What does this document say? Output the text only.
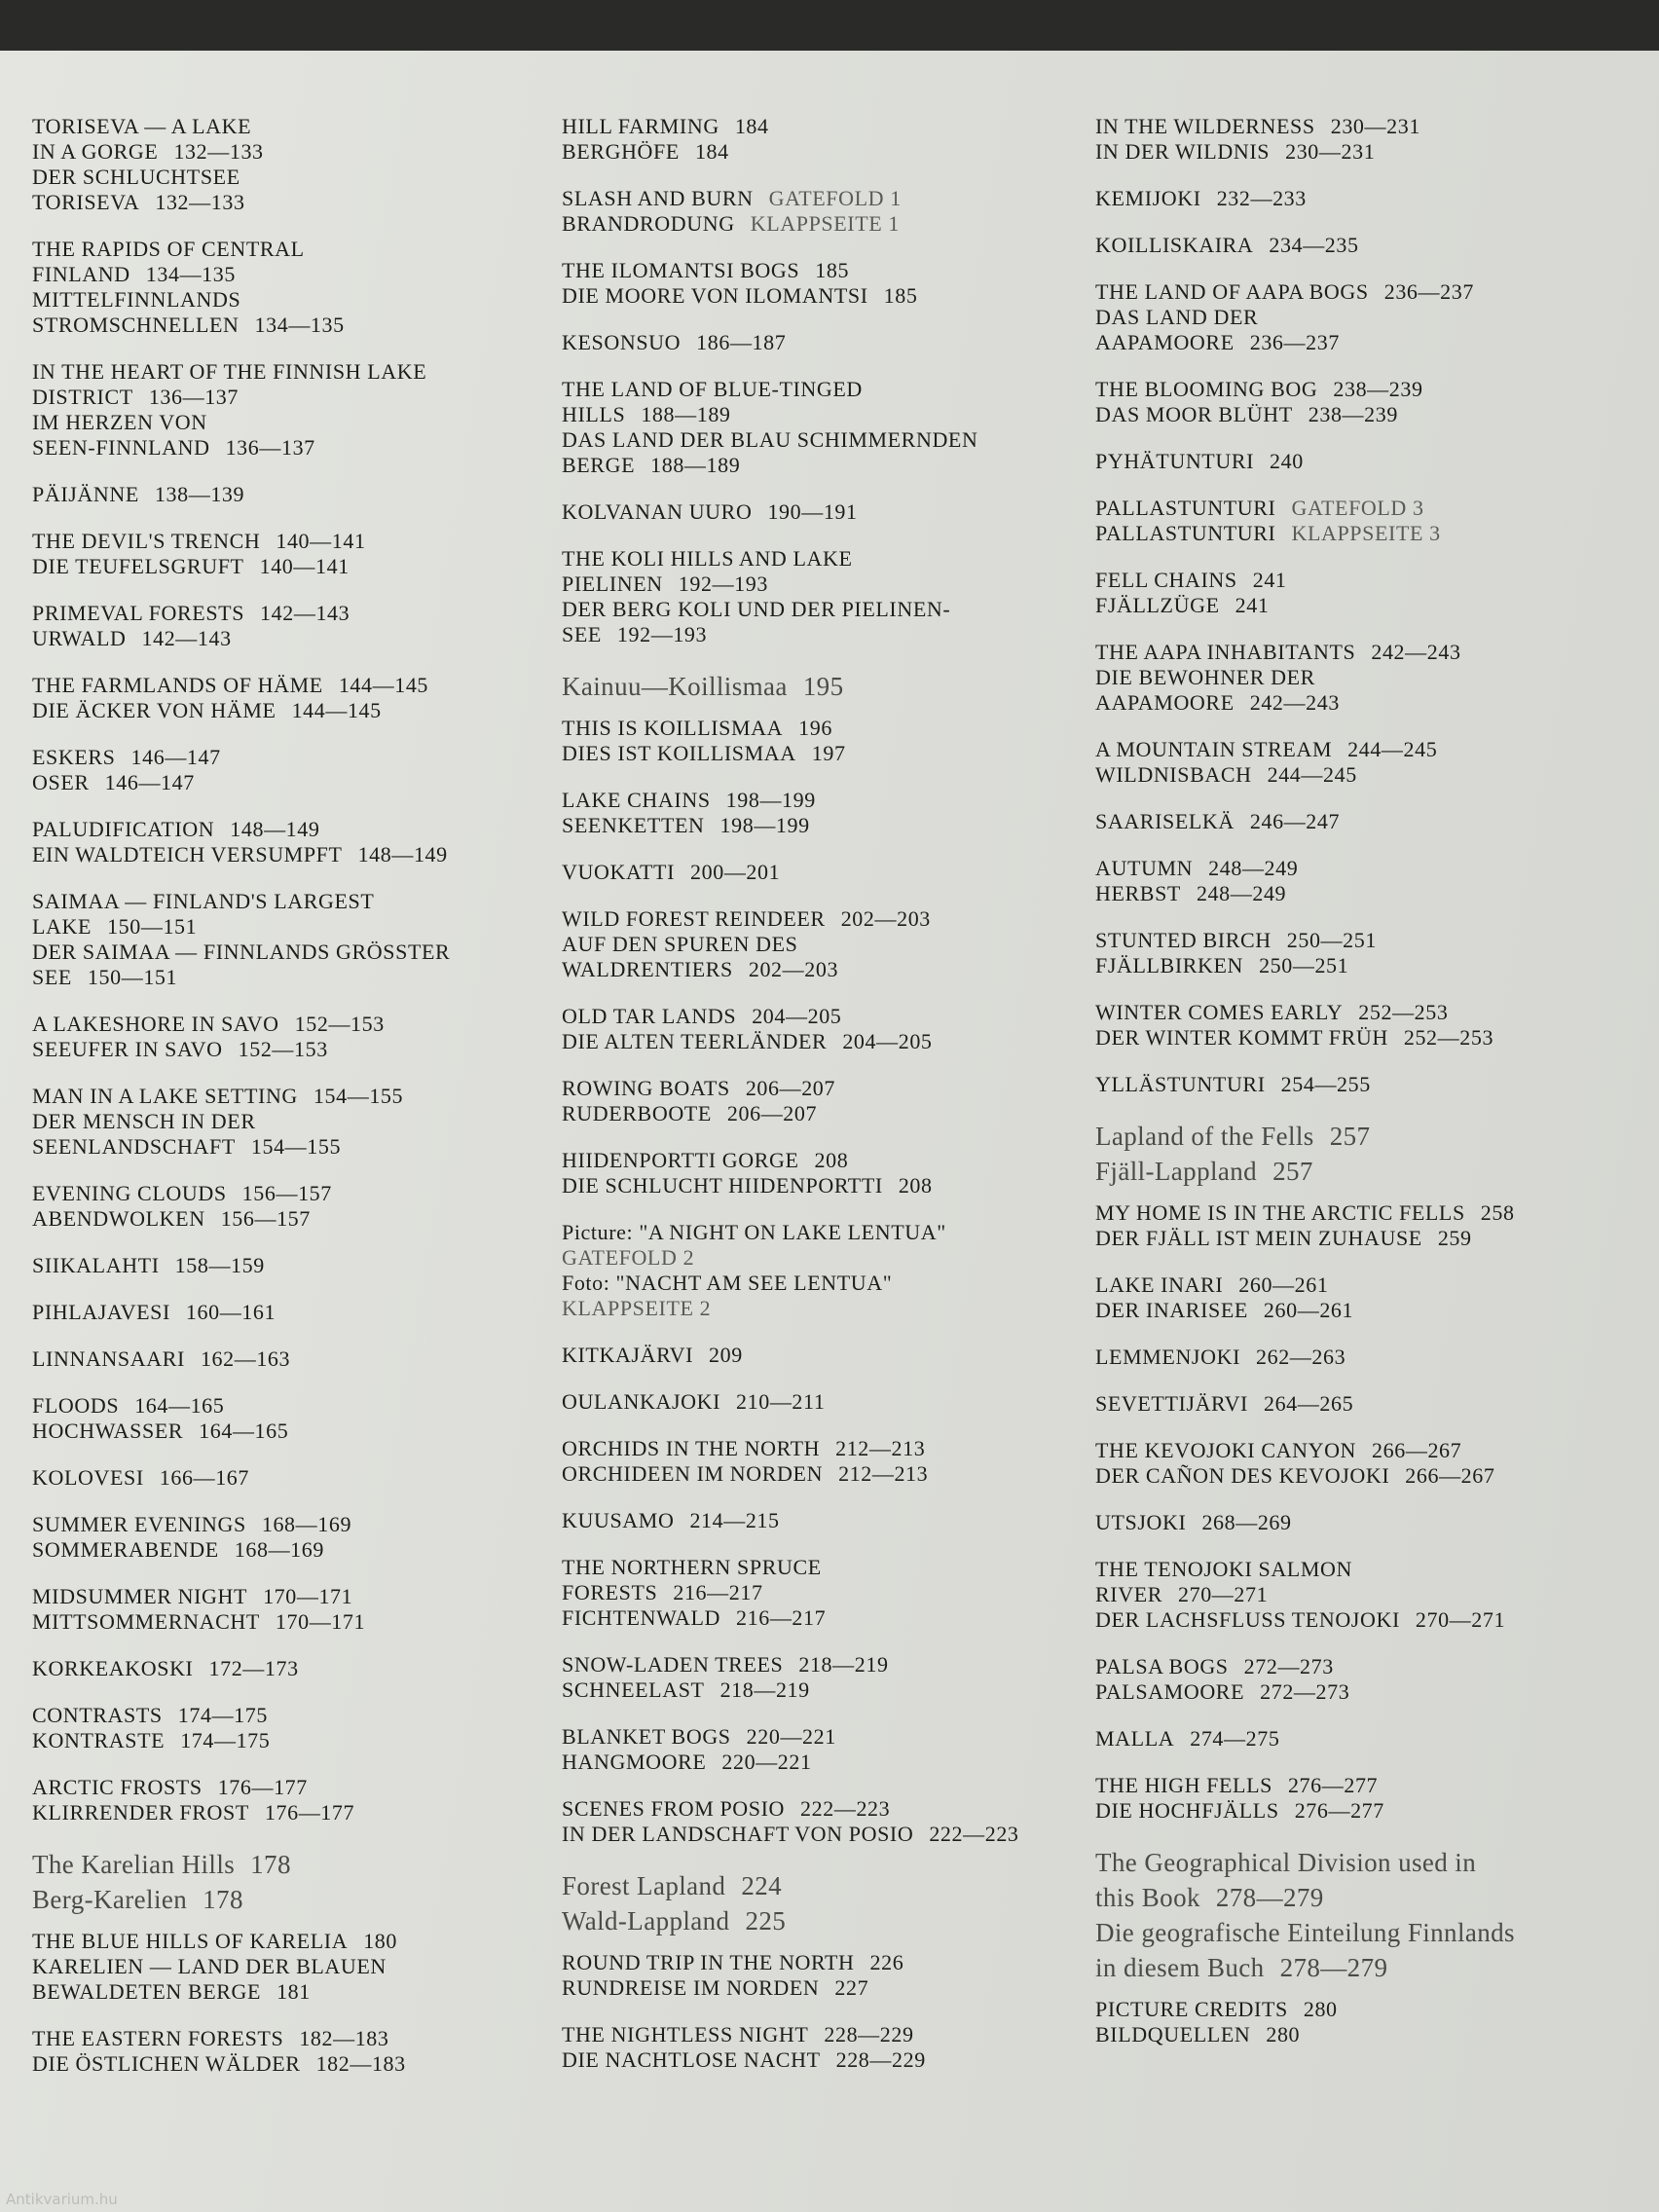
TORISEVA — A LAKE
IN A GORGE 132—133
DER SCHLUCHTSEE
TORISEVA 132—133
THE RAPIDS OF CENTRAL
FINLAND 134—135
MITTELFINNLANDS
STROMSCHNELLEN 134—135
IN THE HEART OF THE FINNISH LAKE
DISTRICT 136—137
IM HERZEN VON
SEEN-FINNLAND 136—137
PÄIJÄNNE 138—139
THE DEVIL'S TRENCH 140—141
DIE TEUFELSGRUFT 140—141
PRIMEVAL FORESTS 142—143
URWALD 142—143
THE FARMLANDS OF HÄME 144—145
DIE ÄCKER VON HÄME 144—145
ESKERS 146—147
OSER 146—147
PALUDIFICATION 148—149
EIN WALDTEICH VERSUMPFT 148—149
SAIMAA — FINLAND'S LARGEST
LAKE 150—151
DER SAIMAA — FINNLANDS GRÖSSTER
SEE 150—151
A LAKESHORE IN SAVO 152—153
SEEUFER IN SAVO 152—153
MAN IN A LAKE SETTING 154—155
DER MENSCH IN DER
SEENLANDSCHAFT 154—155
EVENING CLOUDS 156—157
ABENDWOLKEN 156—157
SIIKALAHTI 158—159
PIHLAJAVESI 160—161
LINNANSAARI 162—163
FLOODS 164—165
HOCHWASSER 164—165
KOLOVESI 166—167
SUMMER EVENINGS 168—169
SOMMERABENDE 168—169
MIDSUMMER NIGHT 170—171
MITTSOMMERNACHT 170—171
KORKEAKOSKI 172—173
CONTRASTS 174—175
KONTRASTE 174—175
ARCTIC FROSTS 176—177
KLIRRENDER FROST 176—177
The Karelian Hills 178
Berg-Karelien 178
THE BLUE HILLS OF KARELIA 180
KARELIEN — LAND DER BLAUEN
BEWALDETEN BERGE 181
THE EASTERN FORESTS 182—183
DIE ÖSTLICHEN WÄLDER 182—183
HILL FARMING 184
BERGHÖFE 184
SLASH AND BURN GATEFOLD 1
BRANDRODUNG KLAPPSEITE 1
THE ILOMANTSI BOGS 185
DIE MOORE VON ILOMANTSI 185
KESONSUO 186—187
THE LAND OF BLUE-TINGED
HILLS 188—189
DAS LAND DER BLAU SCHIMMERNDEN
BERGE 188—189
KOLVANAN UURO 190—191
THE KOLI HILLS AND LAKE
PIELINEN 192—193
DER BERG KOLI UND DER PIELINEN-
SEE 192—193
Kainuu—Koillismaa 195
THIS IS KOILLISMAA 196
DIES IST KOILLISMAA 197
LAKE CHAINS 198—199
SEENKETTEN 198—199
VUOKATTI 200—201
WILD FOREST REINDEER 202—203
AUF DEN SPUREN DES
WALDRENTIERS 202—203
OLD TAR LANDS 204—205
DIE ALTEN TEERLÄNDER 204—205
ROWING BOATS 206—207
RUDERBOOTE 206—207
HIIDENPORTTI GORGE 208
DIE SCHLUCHT HIIDENPORTTI 208
Picture: "A NIGHT ON LAKE LENTUA"
GATEFOLD 2
Foto: "NACHT AM SEE LENTUA"
KLAPPSEITE 2
KITKAJÄRVI 209
OULANKAJOKI 210—211
ORCHIDS IN THE NORTH 212—213
ORCHIDEEN IM NORDEN 212—213
KUUSAMO 214—215
THE NORTHERN SPRUCE
FORESTS 216—217
FICHTENWALD 216—217
SNOW-LADEN TREES 218—219
SCHNEELAST 218—219
BLANKET BOGS 220—221
HANGMOORE 220—221
SCENES FROM POSIO 222—223
IN DER LANDSCHAFT VON POSIO 222—223
Forest Lapland 224
Wald-Lappland 225
ROUND TRIP IN THE NORTH 226
RUNDREISE IM NORDEN 227
THE NIGHTLESS NIGHT 228—229
DIE NACHTLOSE NACHT 228—229
IN THE WILDERNESS 230—231
IN DER WILDNIS 230—231
KEMIJOKI 232—233
KOILLISKAIRA 234—235
THE LAND OF AAPA BOGS 236—237
DAS LAND DER
AAPAMOORE 236—237
THE BLOOMING BOG 238—239
DAS MOOR BLÜHT 238—239
PYHÄTUNTURI 240
PALLASTUNTURI GATEFOLD 3
PALLASTUNTURI KLAPPSEITE 3
FELL CHAINS 241
FJÄLLZÜGE 241
THE AAPA INHABITANTS 242—243
DIE BEWOHNER DER
AAPAMOORE 242—243
A MOUNTAIN STREAM 244—245
WILDNISBACH 244—245
SAARISELKÄ 246—247
AUTUMN 248—249
HERBST 248—249
STUNTED BIRCH 250—251
FJÄLLBIRKEN 250—251
WINTER COMES EARLY 252—253
DER WINTER KOMMT FRÜH 252—253
YLLÄSTUNTURI 254—255
Lapland of the Fells 257
Fjäll-Lappland 257
MY HOME IS IN THE ARCTIC FELLS 258
DER FJÄLL IST MEIN ZUHAUSE 259
LAKE INARI 260—261
DER INARISEE 260—261
LEMMENJOKI 262—263
SEVETTIJÄRVI 264—265
THE KEVOJOKI CANYON 266—267
DER CAÑON DES KEVOJOKI 266—267
UTSJOKI 268—269
THE TENOJOKI SALMON
RIVER 270—271
DER LACHSFLUSS TENOJOKI 270—271
PALSA BOGS 272—273
PALSAMOORE 272—273
MALLA 274—275
THE HIGH FELLS 276—277
DIE HOCHFJÄLLS 276—277
The Geographical Division used in
this Book 278—279
Die geografische Einteilung Finnlands
in diesem Buch 278—279
PICTURE CREDITS 280
BILDQUELLEN 280
Antikvarium.hu
